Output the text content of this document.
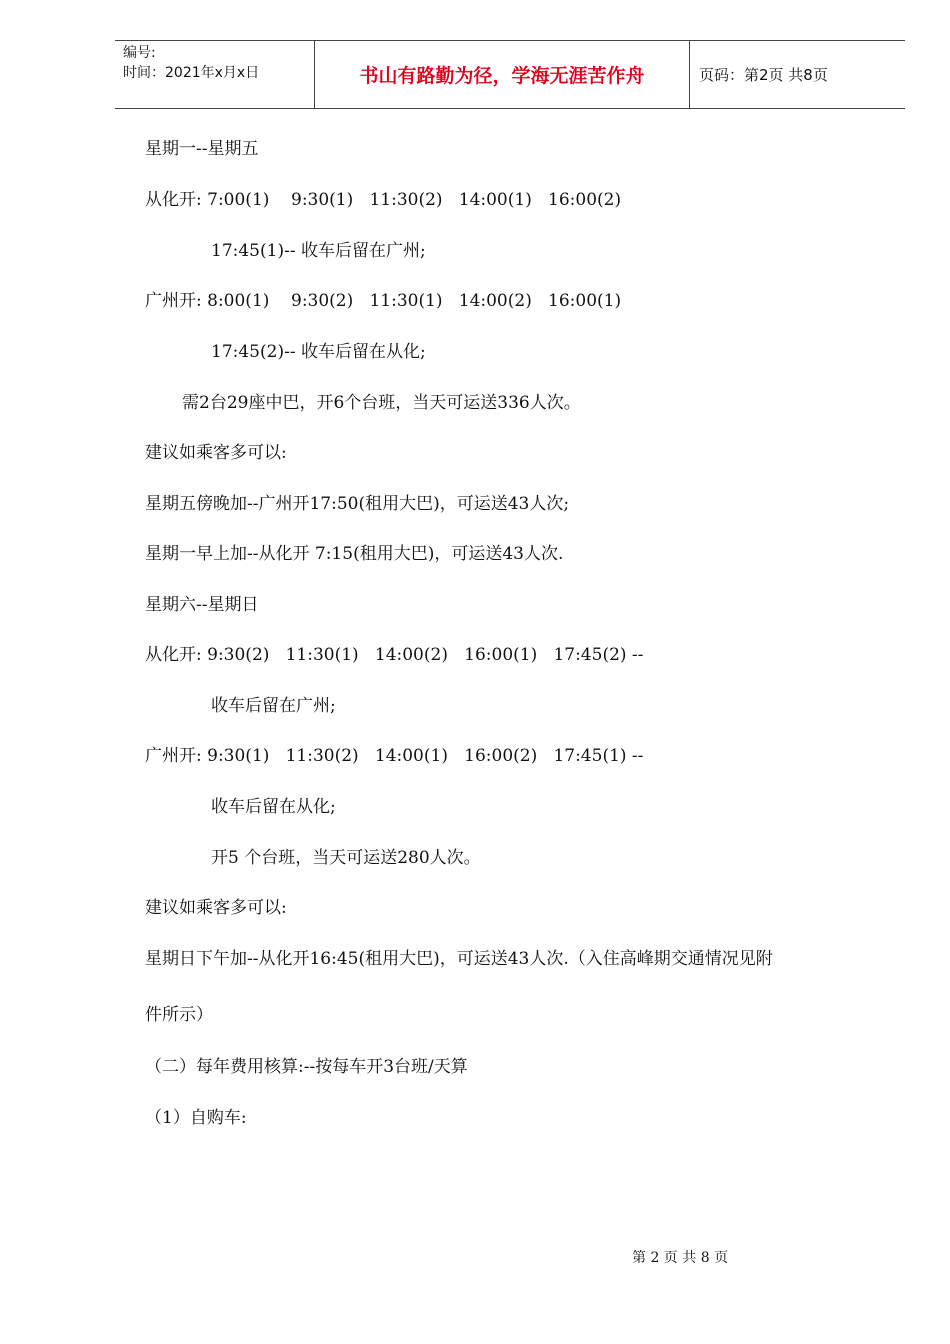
编号:
时间：2021年x月x日	书山有路勤为径，学海无涯苦作舟	页码：第2页 共8页
星期一--星期五
从化开: 7:00(1)    9:30(1)   11:30(2)   14:00(1)   16:00(2)
17:45(1)-- 收车后留在广州;
广州开: 8:00(1)    9:30(2)   11:30(1)   14:00(2)   16:00(1)
17:45(2)-- 收车后留在从化;
需2台29座中巴，开6个台班，当天可运送336人次。
建议如乘客多可以:
星期五傍晚加--广州开17:50(租用大巴)，可运送43人次;
星期一早上加--从化开 7:15(租用大巴)，可运送43人次.
星期六--星期日
从化开: 9:30(2)   11:30(1)   14:00(2)   16:00(1)   17:45(2) --
收车后留在广州;
广州开: 9:30(1)   11:30(2)   14:00(1)   16:00(2)   17:45(1) --
收车后留在从化;
开5 个台班，当天可运送280人次。
建议如乘客多可以:
星期日下午加--从化开16:45(租用大巴)，可运送43人次.（入住高峰期交通情况见附
件所示）
（二）每年费用核算:--按每车开3台班/天算
（1）自购车:
第 2 页 共 8 页
